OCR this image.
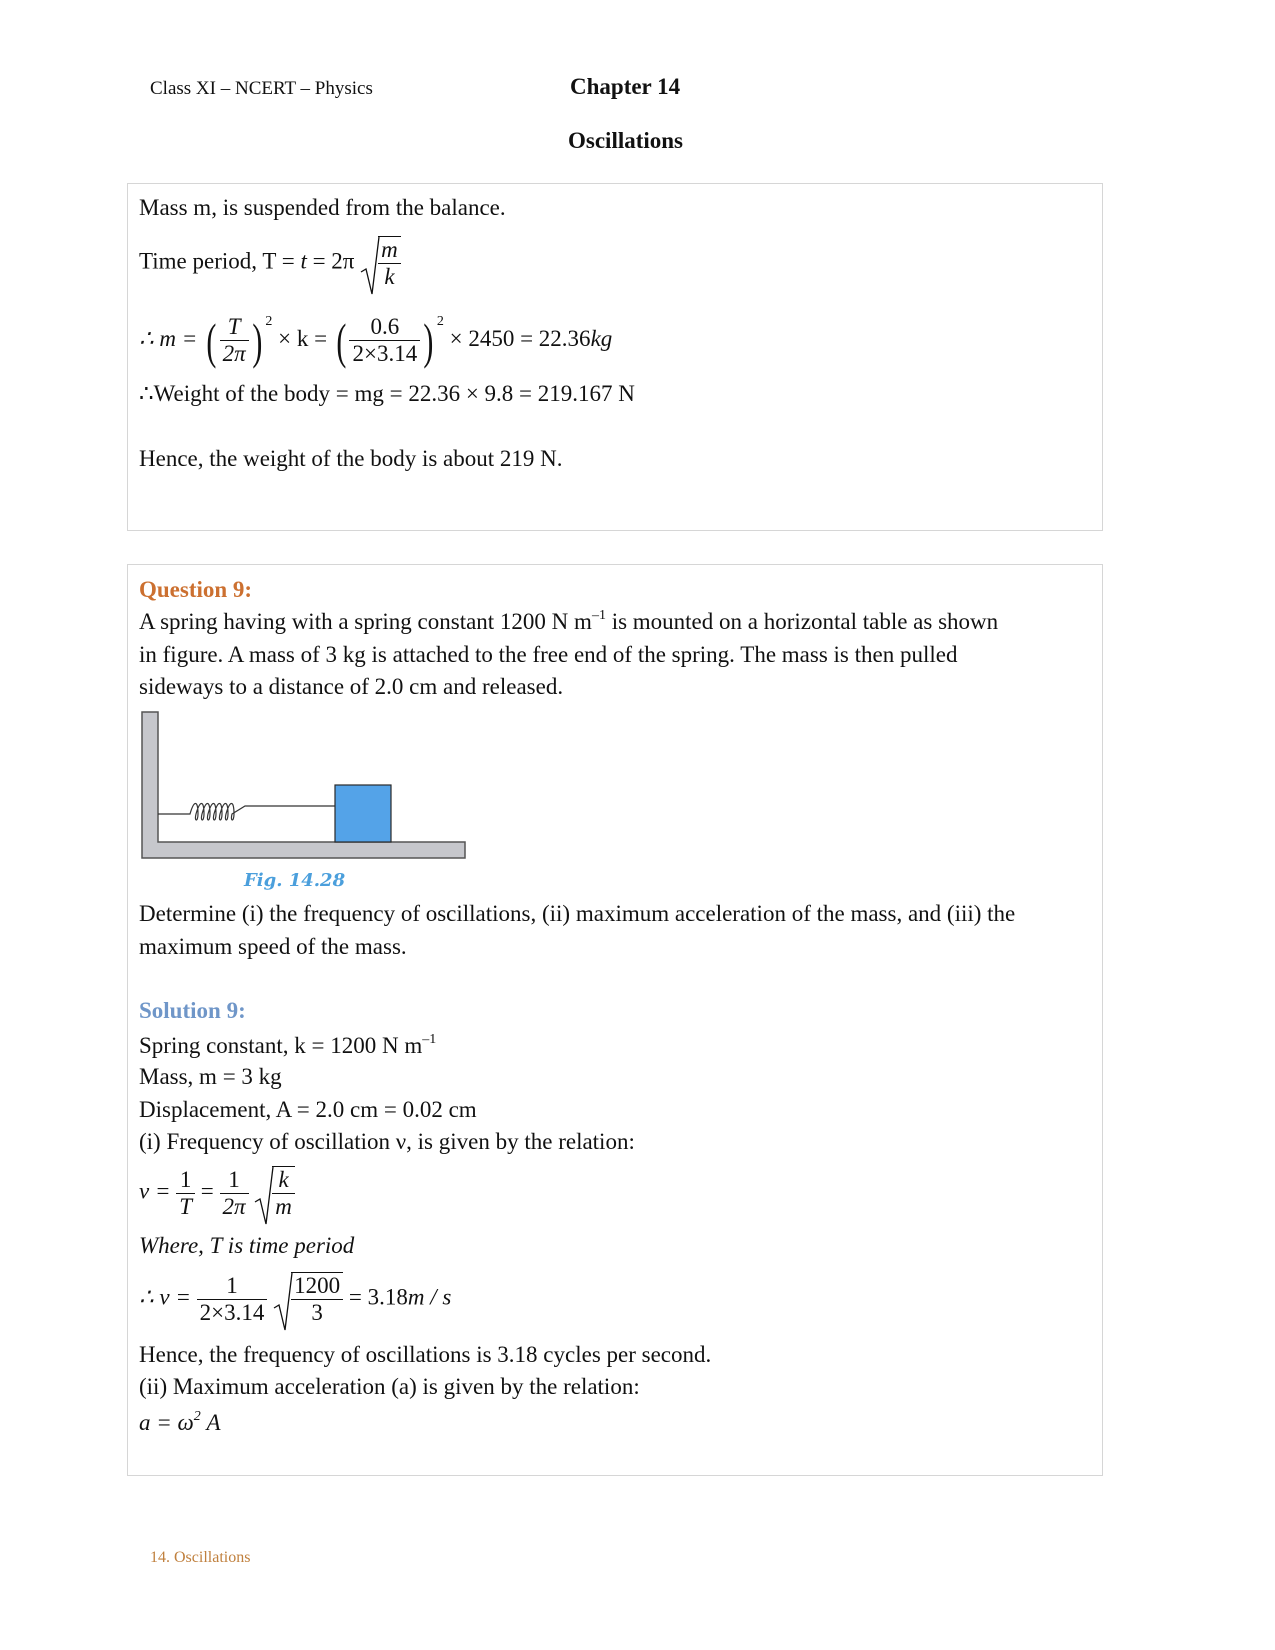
Class XI – NCERT – Physics	Chapter 14
Oscillations
Mass m, is suspended from the balance.
Time period, $T = t = 2\pi \frac{m}{k}$
∴ m = ( $\frac{T}{2\pi}$ ) $^2$ × k = ( $\frac{0.6}{2\times 3.14}$ ) $^2$ × 2450 = 22.36kg
∴Weight of the body = mg = 22.36 × 9.8 = 219.167 N
Hence, the weight of the body is about 219 N.
Question 9:
A spring having with a spring constant 1200 N $m^{-1}$ is mounted on a horizontal table as shown
in figure. A mass of 3 kg is attached to the free end of the spring. The mass is then pulled
sideways to a distance of 2.0 cm and released.
Fig. 14.28
Determine (i) the frequency of oscillations, (ii) maximum acceleration of the mass, and (iii) the
maximum speed of the mass.
Solution 9:
Spring constant, k = 1200 N $m^{-1}$
Mass, m = 3 kg
Displacement, A = 2.0 cm = 0.02 cm
(i) Frequency of oscillation ν, is given by the relation:
$\nu = \frac{1}{T} = \frac{1}{2\pi}$
$\frac{k}{m}$
Where, T is time period
∴ $\nu = \frac{1}{2\times 3.14}$
$\frac{1200}{3} = 3.18m / s$
Hence, the frequency of oscillations is 3.18 cycles per second.
(ii) Maximum acceleration (a) is given by the relation:
$a = \omega^2$ A
14. Oscillations
